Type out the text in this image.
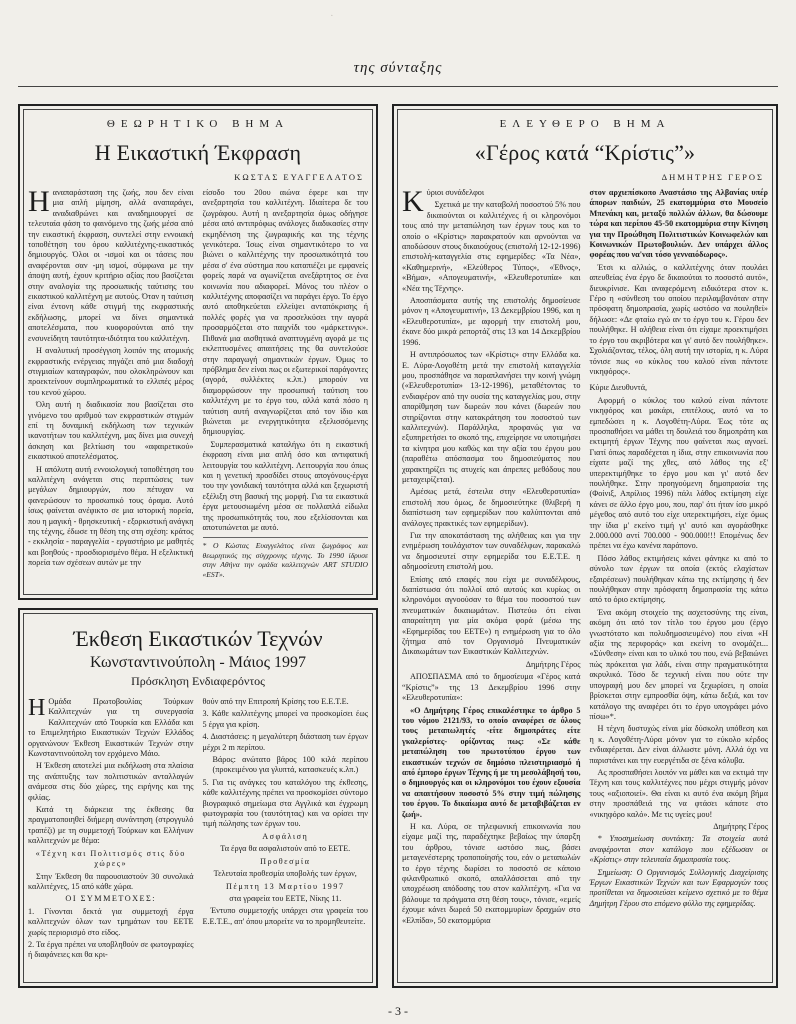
·
της σύνταξης
ΘΕΩΡΗΤΙΚΟ ΒΗΜΑ
Η Εικαστική Έκφραση
ΚΩΣΤΑΣ ΕΥΑΓΓΕΛΑΤΟΣ

Ηαναπαράσταση της ζωής, που δεν είναι μια απλή μίμηση, αλλά αναπαράγει, αναδιαθρώνει και αναδημιουργεί σε τελευταία φάση το φαινόμενο της ζωής μέσα από την εικαστική έκφραση, συντελεί στην εννοιακή τοποθέτηση του όρου καλλιτέχνης-εικαστικός δημιουργός. Όλοι οι -ισμοί και οι τάσεις που αναφέρονται σαν -μη ισμοί, σύμφωνα με την άποψη αυτή, έχουν κριτήριο αξίας που βασίζεται στην αναλογία της προσωπικής ταύτισης του εικαστικού καλλιτέχνη με αυτούς. Όταν η ταύτιση είναι έντονη κάθε στιγμή της εκφραστικής εκδήλωσης, μπορεί να δίνει σημαντικά αποτελέσματα, που κυοφορούνται από την ενσυνείδητη ταυτότητα-ιδιότητα του καλλιτέχνη.

Η αναλυτική προσέγγιση λοιπόν της ατομικής εκφραστικής ενέργειας πηγάζει από μια διαδοχή στιγμιαίων καταγραφών, που ολοκληρώνουν και προεκτείνουν συμπληρωματικά το ελλιπές μέρος του κενού χώρου.

Όλη αυτή η διαδικασία που βασίζεται στο γινόμενο του αριθμού των εκφραστικών στιγμών επί τη δυναμική εκδήλωση των τεχνικών ικανοτήτων του καλλιτέχνη, μας δίνει μια συνεχή άσκηση και βελτίωση του «αφαιρετικού» εικαστικού αποτελέσματος.

Η απόλυτη αυτή εννοιολογική τοποθέτηση του καλλιτέχνη ανάγεται στις περιπτώσεις των μεγάλων δημιουργών, που πέτυχαν να φανερώσουν το προσωπικό τους όραμα. Αυτό ίσως φαίνεται ανέφικτο σε μια ιστορική πορεία, που η μαγική - θρησκευτική - εξορκιστική ανάγκη της τέχνης, έδωσε τη θέση της στη σχέση: κράτος - εκκλησία - παραγγελία - εργαστήριο με μαθητές και βοηθούς - προσδιορισμένο θέμα. Η εξελικτική πορεία των σχέσεων αυτών με την

είσοδο του 20ου αιώνα έφερε και την ανεξαρτησία του καλλιτέχνη. Ιδιαίτερα δε του ζωγράφου. Αυτή η ανεξαρτησία όμως οδήγησε μέσα από αντιπρόφως ανάλογες διαδικασίες στην εκμηδένιση της ζωγραφικής και της τέχνης γενικότερα. Ίσως είναι σημαντικότερο το να βιώνει ο καλλιτέχνης την προσωπικότητά του μέσα σ' ένα σύστημα που καταπιέζει με εμφανείς φορείς παρά να αγωνίζεται ανεξάρτητος σε ένα κοινωνία που αδιαφορεί. Μόνος του πλέον ο καλλιτέχνης αποφασίζει να παράγει έργο. Το έργο αυτό αποθηκεύεται ελλείψει ανταπόκρισης ή πολλές φορές για να προσελκύσει την αγορά προσαρμόζεται στο παιχνίδι του «μάρκετινγκ». Πιθανά μια αισθητικά αναπτυγμένη αγορά με τις εκλεπτυσμένες απαιτήσεις της θα συντελούσε στην παραγωγή σημαντικών έργων. Όμως το πρόβλημα δεν είναι πως οι εξωτερικοί παράγοντες (αγορά, συλλέκτες κ.λπ.) μπορούν να διαμορφώσουν την προσωπική ταύτιση του καλλιτέχνη με το έργο του, αλλά κατά πόσο η ταύτιση αυτή αναγνωρίζεται από τον ίδιο και βιώνεται με ενεργητικότητα εξελισσόμενης δημιουργίας.

Συμπερασματικά καταλήγω ότι η εικαστική έκφραση είναι μια απλή όσο και αντιφατική λειτουργία του καλλιτέχνη. Λειτουργία που όπως και η γενετική προσδίδει στους απογόνους-έργα του την γονιδιακή ταυτότητα αλλά και ξεχωριστή εξέλιξη στη βασική της μορφή. Για τα εικαστικά έργα μετουσιωμένη μέσα σε πολλαπλά είδωλα της προσωπικότητάς του, που εξελίσσονται και αποτυπώνεται με αυτό.

* Ο Κώστας Ευαγγελάτος είναι ζωγράφος και θεωρητικός της σύγχρονης τέχνης. Το 1990 ίδρυσε στην Αθήνα την ομάδα καλλιτεχνών ART STUDIO «EST».
Έκθεση Εικαστικών Τεχνών
Κωνσταντινούπολη - Μάιος 1997
Πρόσκληση Ενδιαφερόντος

Η Ομάδα Πρωτοβουλίας Τούρκων Καλλιτεχνών για τη συνεργασία Καλλιτεχνών από Τουρκία και Ελλάδα και το Επιμελητήριο Εικαστικών Τεχνών Ελλάδος οργανώνουν Έκθεση Εικαστικών Τεχνών στην Κωνσταντινούπολη τον ερχόμενο Μάιο.

Η Έκθεση αποτελεί μια εκδήλωση στα πλαίσια της ανάπτυξης των πολιτιστικών ανταλλαγών ανάμεσα στις δύο χώρες, της ειρήνης και της φιλίας.

Κατά τη διάρκεια της έκθεσης θα πραγματοποιηθεί διήμερη συνάντηση (στρογγυλό τραπέζι) με τη συμμετοχή Τούρκων και Ελλήνων καλλιτεχνών με θέμα:

«Τέχνη και Πολιτισμός στις δύο χώρες»

Στην Έκθεση θα παρουσιαστούν 30 συνολικά καλλιτέχνες, 15 από κάθε χώρα.

ΟΙ ΣΥΜΜΕΤΟΧΕΣ:

1. Γίνονται δεκτά για συμμετοχή έργα καλλιτεχνών όλων των τμημάτων του ΕΕΤΕ χωρίς περιορισμό στο είδος.

2. Τα έργα πρέπει να υποβληθούν σε φωτογραφίες ή διαφάνειες και θα κρι-

θούν από την Επιτροπή Κρίσης του Ε.Ε.Τ.Ε.

3. Κάθε καλλιτέχνης μπορεί να προσκομίσει έως 5 έργα για κρίση.

4. Διαστάσεις: η μεγαλύτερη διάσταση των έργων μέχρι 2 m περίπου.

Βάρος: ανώτατο βάρος 100 κιλά περίπου (προκειμένου για γλυπτά, κατασκευές κ.λπ.)

5. Για τις ανάγκες του καταλόγου της έκθεσης, κάθε καλλιτέχνης πρέπει να προσκομίσει σύντομο βιογραφικό σημείωμα στα Αγγλικά και έγχρωμη φωτογραφία του (ταυτότητας) και να ορίσει την τιμή πώλησης των έργων του.

Ασφάλιση

Τα έργα θα ασφαλιστούν από το ΕΕΤΕ.

Προθεσμία

Τελευταία προθεσμία υποβολής των έργων,

Πέμπτη 13 Μαρτίου 1997

στα γραφεία του ΕΕΤΕ, Νίκης 11.

Έντυπο συμμετοχής υπάρχει στα γραφεία του Ε.Ε.Τ.Ε., απ' όπου μπορείτε να το προμηθευτείτε.

ΕΛΕΥΘΕΡΟ ΒΗΜΑ
«Γέρος κατά “Κρίστις”»
ΔΗΜΗΤΡΗΣ ΓΕΡΟΣ

Κύριοι συνάδελφοι

Σχετικά με την καταβολή ποσοστού 5% που δικαιούνται οι καλλιτέχνες ή οι κληρονόμοι τους από την μεταπώληση των έργων τους και το οποίο ο «Κρίστις» παρακρατούν και αρνούνται να αποδώσουν στους δικαιούχους (επιστολή 12-12-1996) επιστολή-καταγγελία στις εφημερίδες: «Τα Νέα», «Καθημερινή», «Ελεύθερος Τύπος», «Έθνος», «Βήμα», «Απογευματινή», «Ελευθεροτυπία» και «Νέα της Τέχνης».

Αποσπάσματα αυτής της επιστολής δημοσίευσε μόνον η «Απογευματινή», 13 Δεκεμβρίου 1996, και η «Ελευθεροτυπία», με αφορμή την επιστολή μου, έκανε δύο μικρά ρεπορτάζ στις 13 και 14 Δεκεμβρίου 1996.

Η αντιπρόσωπος των «Κρίστις» στην Ελλάδα κα. Ε. Λύρα-Λογοθέτη μετά την επιστολή καταγγελία μου, προσπάθησε να παραπλανήσει την κοινή γνώμη («Ελευθεροτυπία» 13-12-1996), μεταθέτοντας το ενδιαφέρον από την ουσία της καταγγελίας μου, στην απαρίθμηση των δωρεών που κάνει (δωρεών που στηρίζονται στην κατακράτηση του ποσοστού των καλλιτεχνών). Παράλληλα, προφανώς για να εξυπηρετήσει το σκοπό της, επιχείρησε να υποτιμήσει τα κίνητρα μου καθώς και την αξία του έργου μου (παραθέτω απόσπασμα του δημοσιεύματος που χαρακτηρίζει τις ατυχείς και άπρεπες μεθόδους που μεταχειρίζεται).

Αμέσως μετά, έστειλα στην «Ελευθεροτυπία» επιστολή που όμως, δε δημοσιεύτηκε (θλιβερή η διαπίστωση των εφημερίδων που καλύπτονται από ανάλογες πρακτικές των εφημερίδων).

Για την αποκατάσταση της αλήθειας και για την ενημέρωση τουλάχιστον των συναδέλφων, παρακαλώ να δημοσιευτεί στην εφημερίδα του Ε.Ε.Τ.Ε. η αδημοσίευτη επιστολή μου.

Επίσης από επαφές που είχα με συναδέλφους, διαπίστωσα ότι πολλοί από αυτούς και κυρίως οι κληρονόμοι αγνοούσαν το θέμα του ποσοστού των πνευματικών δικαιωμάτων. Πιστεύω ότι είναι απαραίτητη για μία ακόμα φορά (μέσω της «Εφημερίδας του ΕΕΤΕ») η ενημέρωση για το όλο ζήτημα από τον Οργανισμό Πνευματικών Δικαιωμάτων των Εικαστικών Καλλιτεχνών.

Δημήτρης Γέρος

ΑΠΟΣΠΑΣΜΑ από το δημοσίευμα «Γέρος κατά “Κρίστις”» της 13 Δεκεμβρίου 1996 στην «Ελευθεροτυπία»:

«Ο Δημήτρης Γέρος επικαλέστηκε το άρθρο 5 του νόμου 2121/93, το οποίο αναφέρει σε όλους τους μεταπωλητές -είτε δημοπράτες είτε γκαλερίστες- ορίζοντας πως: «Σε κάθε μεταπώληση του πρωτοτύπου έργου των εικαστικών τεχνών σε δημόσιο πλειστηριασμό ή από έμπορο έργων Τέχνης ή με τη μεσολάβησή του, ο δημιουργός και οι κληρονόμοι του έχουν εξουσία να απαιτήσουν ποσοστό 5% στην τιμή πώλησης του έργου. Το δικαίωμα αυτό δε μεταβιβάζεται εν ζωή».

Η κα. Λύρα, σε τηλεφωνική επικοινωνία που είχαμε μαζί της, παραδέχτηκε βεβαίως την ύπαρξη του άρθρου, τόνισε ωστόσο πως, βάσει μεταγενέστερης τροποποίησής του, εάν ο μεταπωλών το έργο τέχνης δωρίσει το ποσοστό σε κάποιο φιλανθρωπικό σκοπό, απαλλάσσεται από την υποχρέωση απόδοσης του στον καλλιτέχνη. «Για να βάλουμε τα πράγματα στη θέση τους», τόνισε, «εμείς έχουμε κάνει δωρεά 50 εκατομμυρίων δραχμών στο «Ελπίδα», 50 εκατομμύρια

στον αρχιεπίσκοπο Αναστάσιο της Αλβανίας υπέρ άπορων παιδιών, 25 εκατομμύρια στο Μουσείο Μπενάκη και, μεταξύ πολλών άλλων, θα δώσουμε τώρα και περίπου 45-50 εκατομμύρια στην Κίνηση για την Προώθηση Πολιτιστικών Κοινωφελών και Κοινωνικών Πρωτοβουλιών. Δεν υπάρχει άλλος φορέας που να'ναι τόσο γενναιόδωρος».

Έτσι κι αλλιώς, ο καλλιτέχνης όταν πουλάει απευθείας ένα έργο δε δικαιούται το ποσοστό αυτό», διευκρίνισε. Και αναφερόμενη ειδικότερα στον κ. Γέρο η «σύνθεση του οποίου περιλαμβανόταν στην πρόσφατη δημοπρασία, χωρίς ωστόσο να πουληθεί» δήλωσε: «Δε φταίω εγώ αν το έργο του κ. Γέρου δεν πουλήθηκε. Η αλήθεια είναι ότι είχαμε προεκτιμήσει το έργο του ακριβότερα και γι' αυτό δεν πουλήθηκε». Σχολιάζοντας, τέλος, όλη αυτή την ιστορία, η κ. Λύρα τόνισε πως «ο κύκλος του καλού είναι πάντοτε νικηφόρος».

Κύριε Διευθυντά,

Αφορμή ο κύκλος του καλού είναι πάντοτε νικηφόρος και μακάρι, επιτέλους, αυτό να το εμπεδώσει η κ. Λογοθέτη-Λύρα. Έως τότε ας προσπαθήσει να μάθει τη δουλειά του δημοπράτη και εκτιμητή έργων Τέχνης που φαίνεται πως αγνοεί. Γιατί όπως παραδέχεται η ίδια, στην επικοινωνία που είχατε μαζί της χθες, από λάθος της εξ' υπερεκτιμήθηκε το έργο μου και γι' αυτό δεν πουλήθηκε. Στην προηγούμενη δημοπρασία της (Φοίνιξ, Απρίλιος 1996) πάλι λάθος εκτίμηση είχε κάνει σε άλλο έργο μου, που, παρ' ότι ήταν ίσο μικρό μέγεθος από αυτό του είχε υπερεκτιμήσει, είχε όμως την ίδια μ' εκείνο τιμή γι' αυτό και αγοράσθηκε 2.000.000 αντί 700.000 - 900.000!!! Επομένως δεν πρέπει να έχω κανένα παράπονο.

Πόσο λάθος εκτιμήσεις κάνει φάνηκε κι από το σύνολο των έργων τα οποία (εκτός ελαχίστων εξαιρέσεων) πουλήθηκαν κάτω της εκτίμησης ή δεν πουλήθηκαν στην πρόσφατη δημοπρασία της κάτω από το όριο εκτίμησης.

Ένα ακόμη στοιχείο της ασχετοσύνης της είναι, ακόμη ότι από τον τίτλο του έργου μου (έργο γνωστότατο και πολυδημοσιευμένο) που είναι «Η αξία της περιφοράς» και εκείνη το ονομάζει... «Σύνθεση» είναι και το υλικό του που, ενώ βεβαιώνει πώς πρόκειται για λάδι, είναι στην πραγματικότητα ακρυλικό. Τόσο δε τεχνική είναι που ούτε την υπογραφή μου δεν μπορεί να ξεχωρίσει, η οποία βρίσκεται στην εμπροσθία όψη, κάτω δεξιά, και τον κατάλογο της αναφέρει ότι το έργο υπογράφει μόνο πίσω»*.

Η τέχνη δυστυχώς είναι μία δύσκολη υπόθεση και η κ. Λογοθέτη-Λύρα μόνον για το εύκολο κέρδος ενδιαφέρεται. Δεν είναι άλλωστε μόνη. Αλλά όχι να παριστάνει και την ευεργέτιδα σε ξένα κόλυβα.

Ας προσπαθήσει λοιπόν να μάθει και να εκτιμά την Τέχνη και τους καλλιτέχνες που μέχρι στιγμής μόνον τους «αξιοποιεί». Θα είναι κι αυτό ένα ακόμη βήμα στην προσπάθειά της να φτάσει κάποτε στο «νικηφόρο καλό». Με τις υγείες μου!

Δημήτρης Γέρος

* Υποσημείωση συντάκτη: Τα στοιχεία αυτά αναφέρονται στον κατάλογο που εξέδωσαν οι «Κρίστις» στην τελευταία δημοπρασία τους.

Σημείωση: Ο Οργανισμός Συλλογικής Διαχείρισης Έργων Εικαστικών Τεχνών και των Εφαρμογών τους προτίθεται να δημοσιεύσει κείμενο σχετικό με το θέμα Δημήτρη Γέρου στο επόμενο φύλλο της εφημερίδας.

- 3 -
